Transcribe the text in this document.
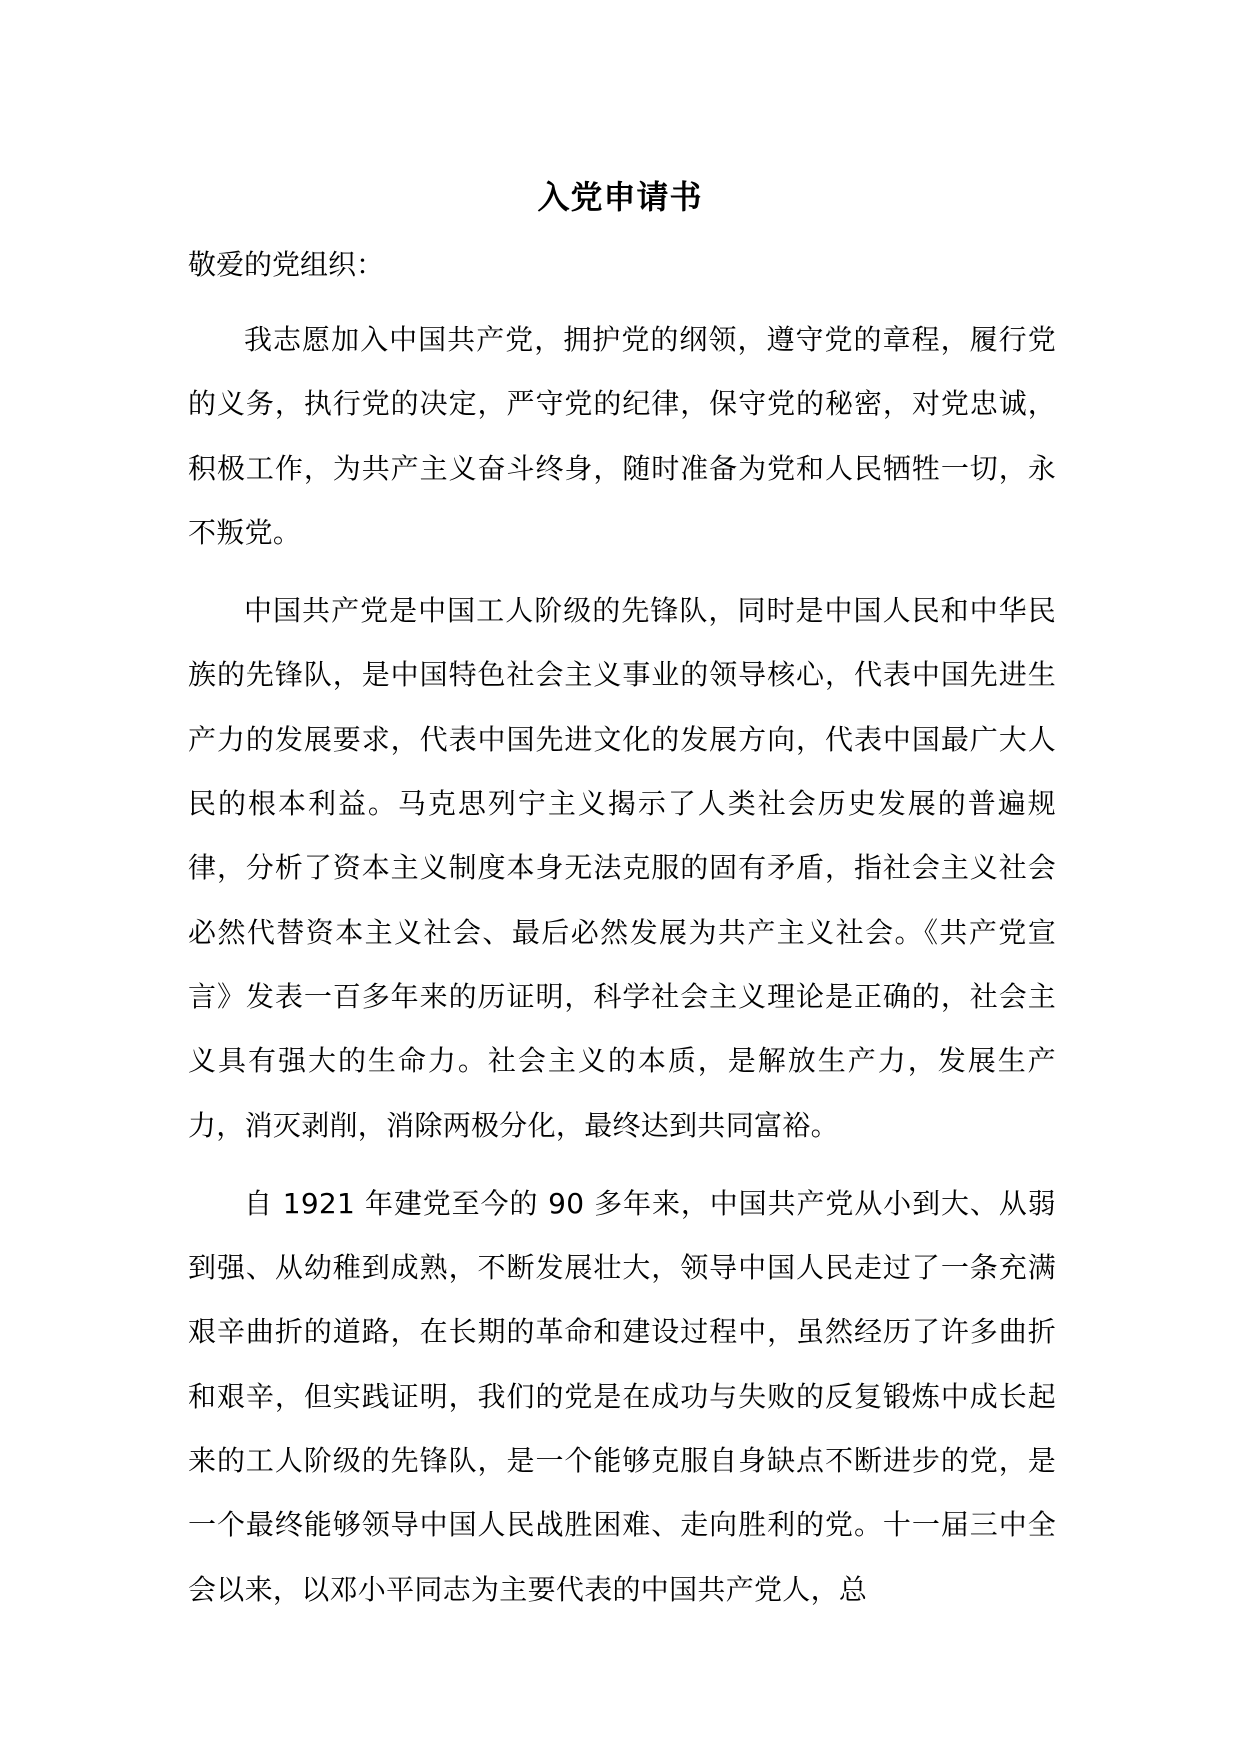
入党申请书

敬爱的党组织：

我志愿加入中国共产党，拥护党的纲领，遵守党的章程，履行党的义务，执行党的决定，严守党的纪律，保守党的秘密，对党忠诚，积极工作，为共产主义奋斗终身，随时准备为党和人民牺牲一切，永不叛党。

中国共产党是中国工人阶级的先锋队，同时是中国人民和中华民族的先锋队，是中国特色社会主义事业的领导核心，代表中国先进生产力的发展要求，代表中国先进文化的发展方向，代表中国最广大人民的根本利益。马克思列宁主义揭示了人类社会历史发展的普遍规律，分析了资本主义制度本身无法克服的固有矛盾，指社会主义社会必然代替资本主义社会、最后必然发展为共产主义社会。《共产党宣言》发表一百多年来的历证明，科学社会主义理论是正确的，社会主义具有强大的生命力。社会主义的本质，是解放生产力，发展生产力，消灭剥削，消除两极分化，最终达到共同富裕。

自 1921 年建党至今的 90 多年来，中国共产党从小到大、从弱到强、从幼稚到成熟，不断发展壮大，领导中国人民走过了一条充满艰辛曲折的道路，在长期的革命和建设过程中，虽然经历了许多曲折和艰辛，但实践证明，我们的党是在成功与失败的反复锻炼中成长起来的工人阶级的先锋队，是一个能够克服自身缺点不断进步的党，是一个最终能够领导中国人民战胜困难、走向胜利的党。十一届三中全会以来，以邓小平同志为主要代表的中国共产党人，总
